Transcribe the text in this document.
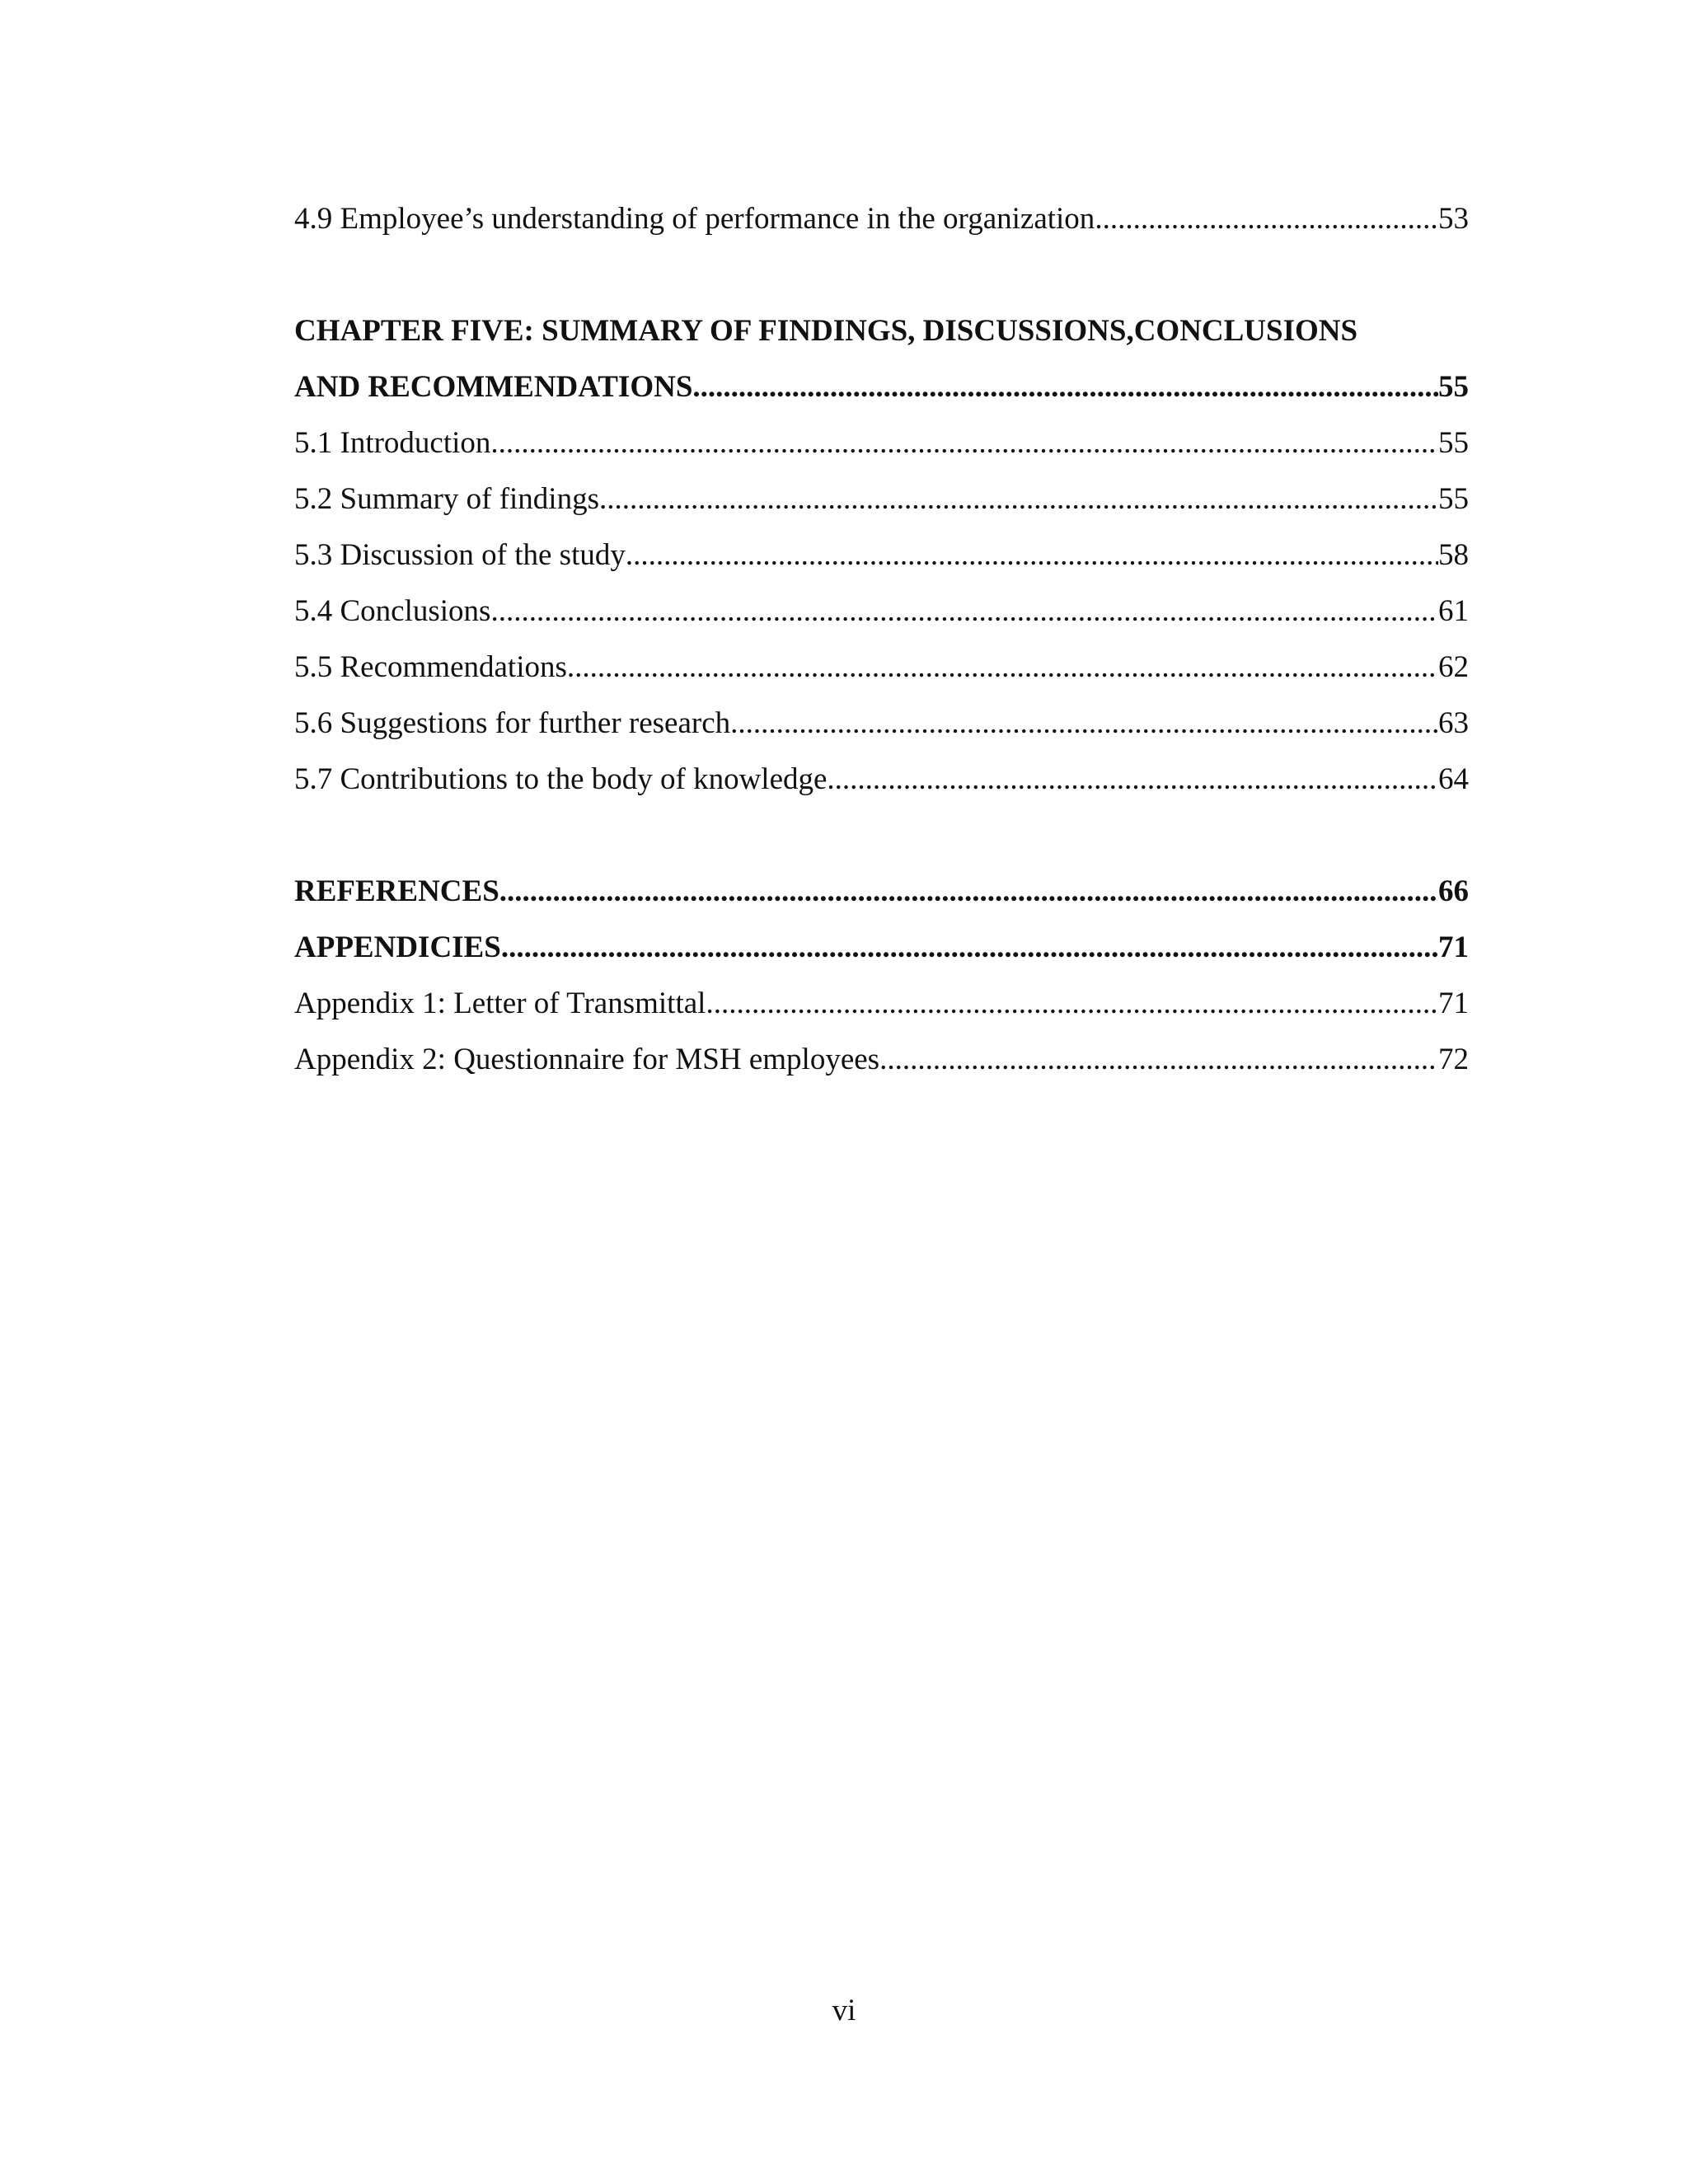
4.9 Employee’s understanding of performance in the organization .....	53
CHAPTER FIVE: SUMMARY OF FINDINGS, DISCUSSIONS,CONCLUSIONS
AND RECOMMENDATIONS .....	55
5.1 Introduction .....	55
5.2 Summary of findings .....	55
5.3 Discussion of the study .....	58
5.4 Conclusions .....	61
5.5 Recommendations .....	62
5.6 Suggestions for further research .....	63
5.7 Contributions to the body of knowledge .....	64
REFERENCES .....	66
APPENDICIES .....	71
Appendix 1: Letter of Transmittal .....	71
Appendix 2: Questionnaire for MSH employees. .....	72
vi
